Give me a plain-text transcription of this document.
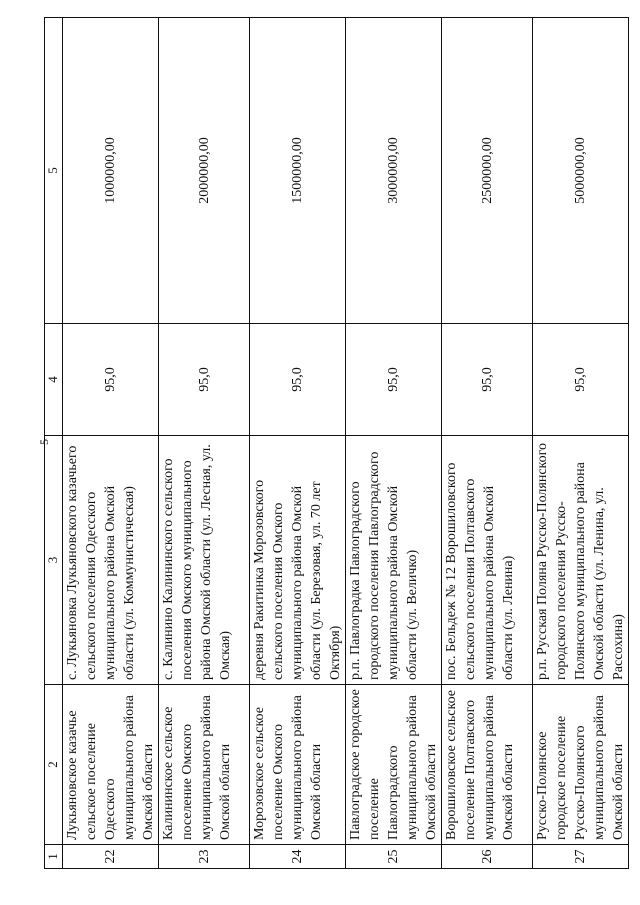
5
1	2	3	4	5
22	Лукьяновское казачье сельское поселение Одесского муниципального района Омской области	с. Лукьяновка Лукьяновского казачьего сельского поселения Одесского муниципального района Омской области (ул. Коммунистическая)	95,0	1000000,00
23	Калининское сельское поселение Омского муниципального района Омской области	с. Калинино Калининского сельского поселения Омского муниципального района Омской области (ул. Лесная, ул. Омская)	95,0	2000000,00
24	Морозовское сельское поселение Омского муниципального района Омской области	деревня Ракитинка Морозовского сельского поселения Омского муниципального района Омской области (ул. Березовая, ул. 70 лет Октября)	95,0	1500000,00
25	Павлоградское городское поселение Павлоградского муниципального района Омской области	р.п. Павлоградка Павлоградского городского поселения Павлоградского муниципального района Омской области (ул. Величко)	95,0	3000000,00
26	Ворошиловское сельское поселение Полтавского муниципального района Омской области	пос. Бельдеж № 12 Ворошиловского сельского поселения Полтавского муниципального района Омской области (ул. Ленина)	95,0	2500000,00
27	Русско-Полянское городское поселение Русско-Полянского муниципального района Омской области	р.п. Русская Поляна Русско-Полянского городского поселения Русско-Полянского муниципального района Омской области (ул. Ленина, ул. Рассохина)	95,0	5000000,00
